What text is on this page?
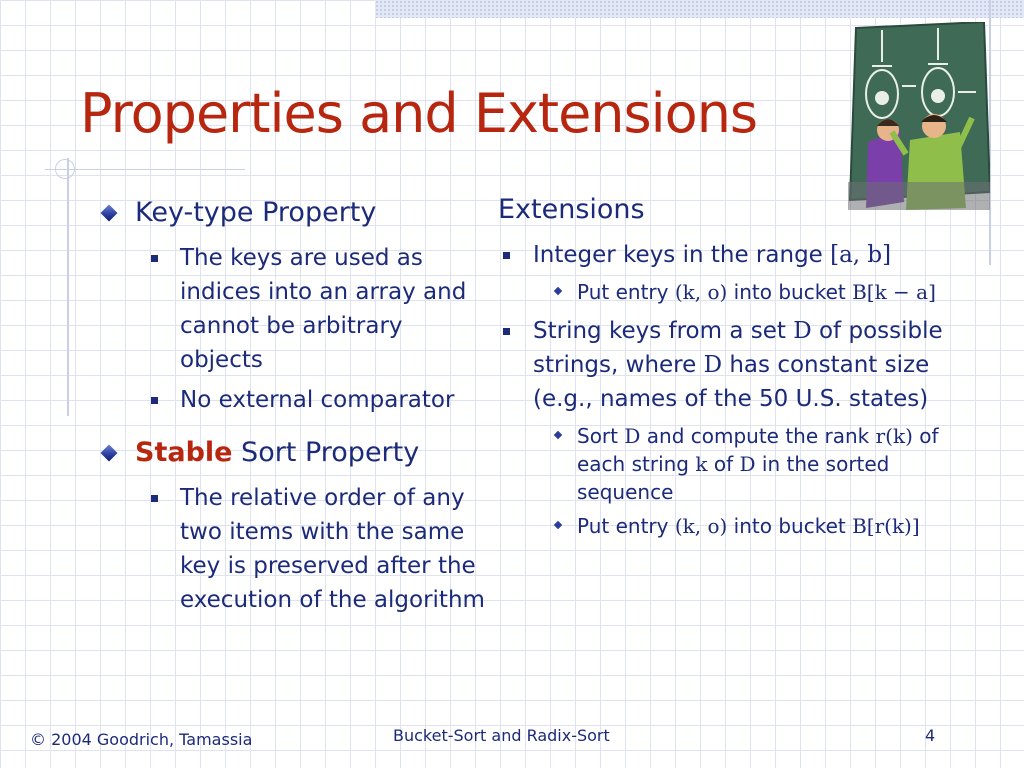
Properties and Extensions
Key-type Property
The keys are used as indices into an array and cannot be arbitrary objects
No external comparator
Stable Sort Property
The relative order of any two items with the same key is preserved after the execution of the algorithm
Extensions
Integer keys in the range [a, b]
Put entry (k, o) into bucket B[k − a]
String keys from a set D of possible strings, where D has constant size (e.g., names of the 50 U.S. states)
Sort D and compute the rank r(k) of each string k of D in the sorted sequence
Put entry (k, o) into bucket B[r(k)]
© 2004 Goodrich, Tamassia	Bucket-Sort and Radix-Sort	4
